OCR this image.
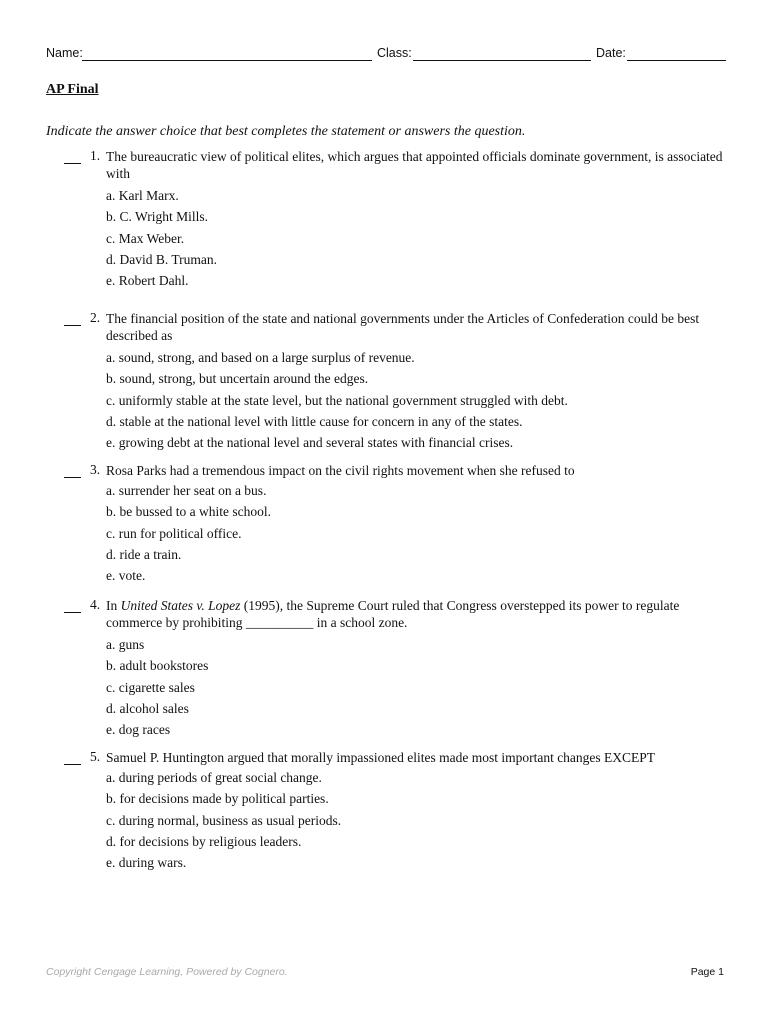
Name:	Class:	Date:
AP Final
Indicate the answer choice that best completes the statement or answers the question.
1. The bureaucratic view of political elites, which argues that appointed officials dominate government, is associated with
a. Karl Marx.
b. C. Wright Mills.
c. Max Weber.
d. David B. Truman.
e. Robert Dahl.
2. The financial position of the state and national governments under the Articles of Confederation could be best described as
a. sound, strong, and based on a large surplus of revenue.
b. sound, strong, but uncertain around the edges.
c. uniformly stable at the state level, but the national government struggled with debt.
d. stable at the national level with little cause for concern in any of the states.
e. growing debt at the national level and several states with financial crises.
3. Rosa Parks had a tremendous impact on the civil rights movement when she refused to
a. surrender her seat on a bus.
b. be bussed to a white school.
c. run for political office.
d. ride a train.
e. vote.
4. In United States v. Lopez (1995), the Supreme Court ruled that Congress overstepped its power to regulate commerce by prohibiting __________ in a school zone.
a. guns
b. adult bookstores
c. cigarette sales
d. alcohol sales
e. dog races
5. Samuel P. Huntington argued that morally impassioned elites made most important changes EXCEPT
a. during periods of great social change.
b. for decisions made by political parties.
c. during normal, business as usual periods.
d. for decisions by religious leaders.
e. during wars.
Copyright Cengage Learning, Powered by Cognero.	Page 1
